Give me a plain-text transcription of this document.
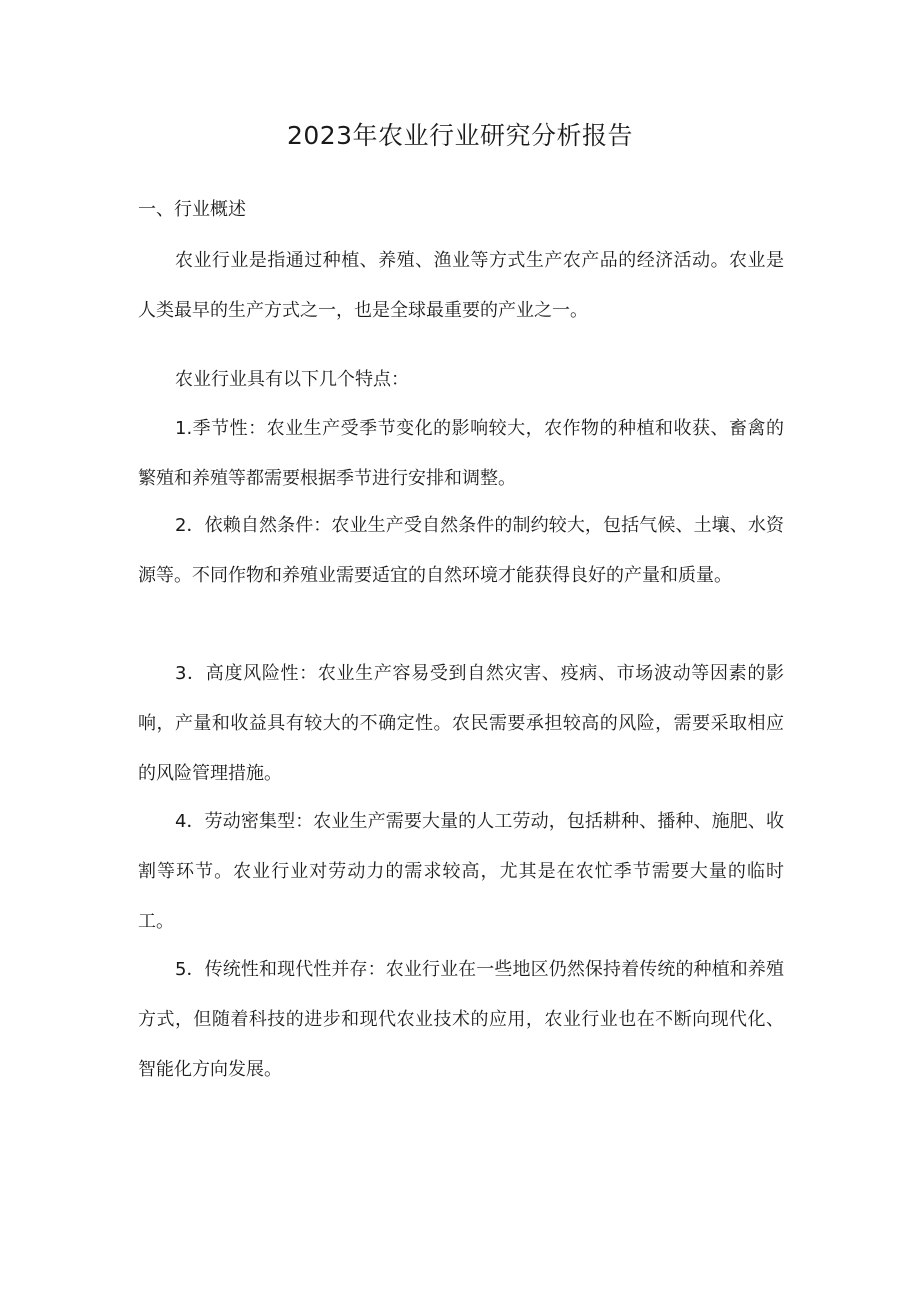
2023年农业行业研究分析报告
一、行业概述

农业行业是指通过种植、养殖、渔业等方式生产农产品的经济活动。农业是人类最早的生产方式之一，也是全球最重要的产业之一。

农业行业具有以下几个特点：

1.季节性：农业生产受季节变化的影响较大，农作物的种植和收获、畜禽的繁殖和养殖等都需要根据季节进行安排和调整。

2．依赖自然条件：农业生产受自然条件的制约较大，包括气候、土壤、水资源等。不同作物和养殖业需要适宜的自然环境才能获得良好的产量和质量。

3．高度风险性：农业生产容易受到自然灾害、疫病、市场波动等因素的影响，产量和收益具有较大的不确定性。农民需要承担较高的风险，需要采取相应的风险管理措施。

4．劳动密集型：农业生产需要大量的人工劳动，包括耕种、播种、施肥、收割等环节。农业行业对劳动力的需求较高，尤其是在农忙季节需要大量的临时工。

5．传统性和现代性并存：农业行业在一些地区仍然保持着传统的种植和养殖方式，但随着科技的进步和现代农业技术的应用，农业行业也在不断向现代化、智能化方向发展。
